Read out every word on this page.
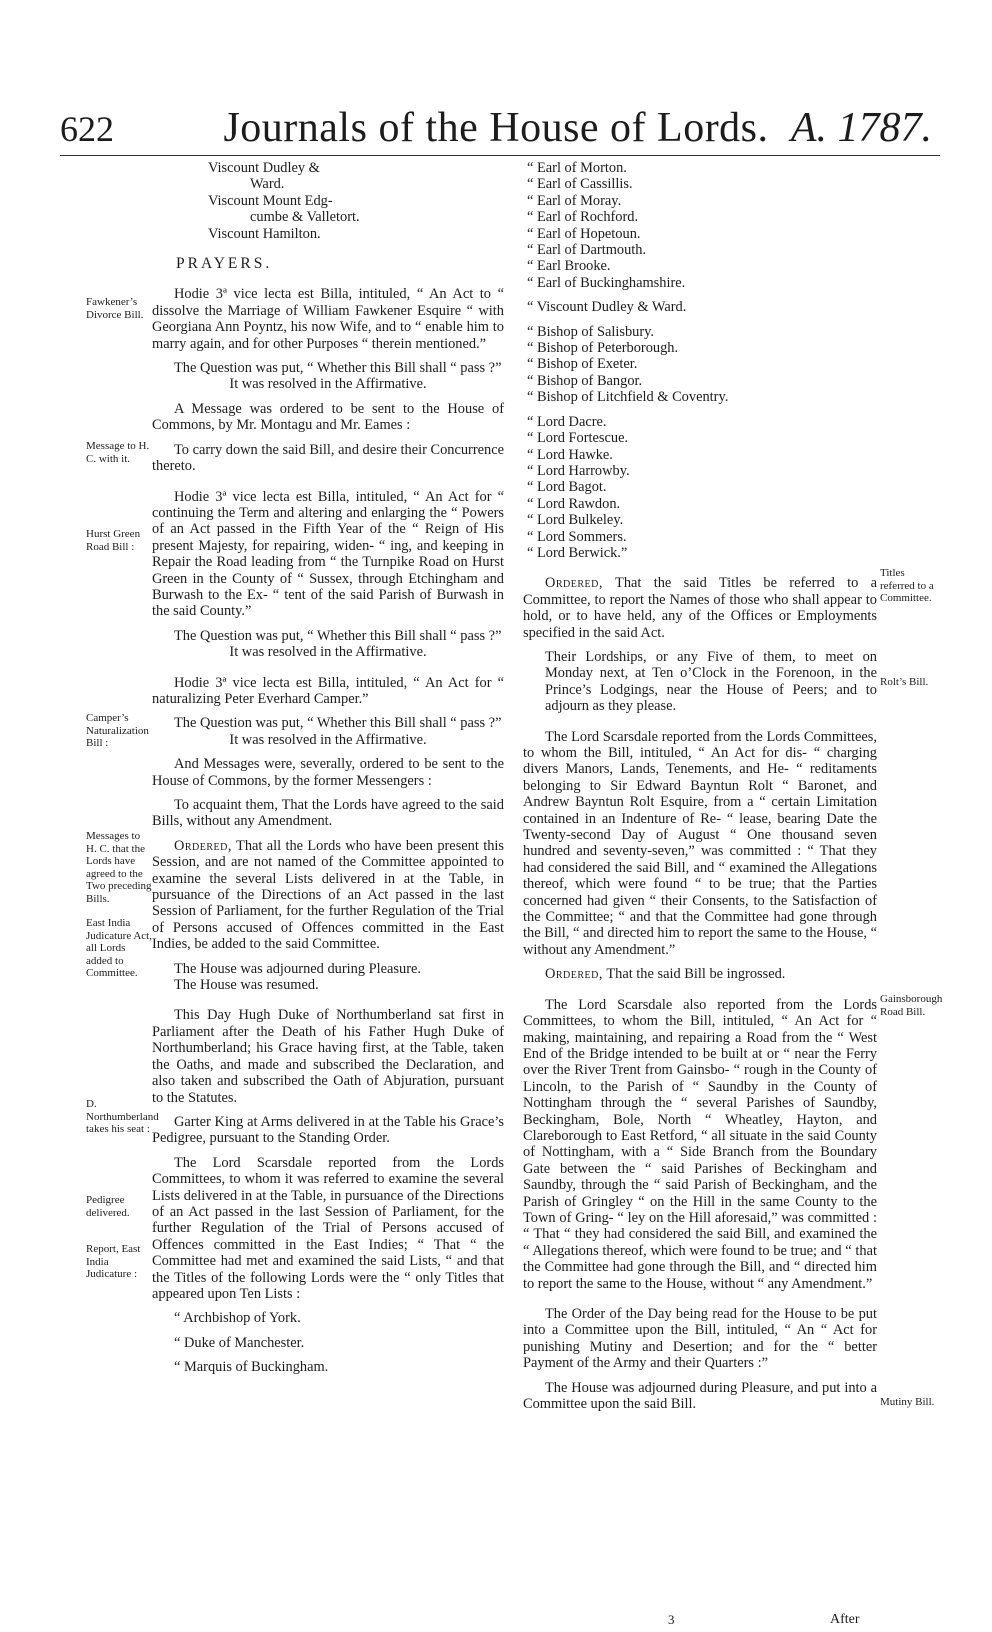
622	Journals of the House of Lords. A. 1787.

Viscount Dudley &

Ward.

Viscount Mount Edg-

cumbe & Valletort.

Viscount Hamilton.

PRAYERS.

Hodie 3ª vice lecta est Billa, intituled, “ An Act to “ dissolve the Marriage of William Fawkener Esquire “ with Georgiana Ann Poyntz, his now Wife, and to “ enable him to marry again, and for other Purposes “ therein mentioned.”

The Question was put, “ Whether this Bill shall “ pass ?”

It was resolved in the Affirmative.

A Message was ordered to be sent to the House of Commons, by Mr. Montagu and Mr. Eames :

To carry down the said Bill, and desire their Concurrence thereto.

Hodie 3ª vice lecta est Billa, intituled, “ An Act for “ continuing the Term and altering and enlarging the “ Powers of an Act passed in the Fifth Year of the “ Reign of His present Majesty, for repairing, widen- “ ing, and keeping in Repair the Road leading from “ the Turnpike Road on Hurst Green in the County of “ Sussex, through Etchingham and Burwash to the Ex- “ tent of the said Parish of Burwash in the said County.”

The Question was put, “ Whether this Bill shall “ pass ?”

It was resolved in the Affirmative.

Hodie 3ª vice lecta est Billa, intituled, “ An Act for “ naturalizing Peter Everhard Camper.”

The Question was put, “ Whether this Bill shall “ pass ?”

It was resolved in the Affirmative.

And Messages were, severally, ordered to be sent to the House of Commons, by the former Messengers :

To acquaint them, That the Lords have agreed to the said Bills, without any Amendment.

Ordered, That all the Lords who have been present this Session, and are not named of the Committee appointed to examine the several Lists delivered in at the Table, in pursuance of the Directions of an Act passed in the last Session of Parliament, for the further Regulation of the Trial of Persons accused of Offences committed in the East Indies, be added to the said Committee.

The House was adjourned during Pleasure.

The House was resumed.

This Day Hugh Duke of Northumberland sat first in Parliament after the Death of his Father Hugh Duke of Northumberland; his Grace having first, at the Table, taken the Oaths, and made and subscribed the Declaration, and also taken and subscribed the Oath of Abjuration, pursuant to the Statutes.

Garter King at Arms delivered in at the Table his Grace’s Pedigree, pursuant to the Standing Order.

The Lord Scarsdale reported from the Lords Committees, to whom it was referred to examine the several Lists delivered in at the Table, in pursuance of the Directions of an Act passed in the last Session of Parliament, for the further Regulation of the Trial of Persons accused of Offences committed in the East Indies; “ That “ the Committee had met and examined the said Lists, “ and that the Titles of the following Lords were the “ only Titles that appeared upon Ten Lists :

“ Archbishop of York.

“ Duke of Manchester.

“ Marquis of Buckingham.

“ Earl of Morton.

“ Earl of Cassillis.

“ Earl of Moray.

“ Earl of Rochford.

“ Earl of Hopetoun.

“ Earl of Dartmouth.

“ Earl Brooke.

“ Earl of Buckinghamshire.

“ Viscount Dudley & Ward.

“ Bishop of Salisbury.

“ Bishop of Peterborough.

“ Bishop of Exeter.

“ Bishop of Bangor.

“ Bishop of Litchfield & Coventry.

“ Lord Dacre.

“ Lord Fortescue.

“ Lord Hawke.

“ Lord Harrowby.

“ Lord Bagot.

“ Lord Rawdon.

“ Lord Bulkeley.

“ Lord Sommers.

“ Lord Berwick.”

Ordered, That the said Titles be referred to a Committee, to report the Names of those who shall appear to hold, or to have held, any of the Offices or Employments specified in the said Act.

Their Lordships, or any Five of them, to meet on Monday next, at Ten o’Clock in the Forenoon, in the Prince’s Lodgings, near the House of Peers; and to adjourn as they please.

The Lord Scarsdale reported from the Lords Committees, to whom the Bill, intituled, “ An Act for dis- “ charging divers Manors, Lands, Tenements, and He- “ reditaments belonging to Sir Edward Bayntun Rolt “ Baronet, and Andrew Bayntun Rolt Esquire, from a “ certain Limitation contained in an Indenture of Re- “ lease, bearing Date the Twenty-second Day of August “ One thousand seven hundred and seventy-seven,” was committed : “ That they had considered the said Bill, and “ examined the Allegations thereof, which were found “ to be true; that the Parties concerned had given “ their Consents, to the Satisfaction of the Committee; “ and that the Committee had gone through the Bill, “ and directed him to report the same to the House, “ without any Amendment.”

Ordered, That the said Bill be ingrossed.

The Lord Scarsdale also reported from the Lords Committees, to whom the Bill, intituled, “ An Act for “ making, maintaining, and repairing a Road from the “ West End of the Bridge intended to be built at or “ near the Ferry over the River Trent from Gainsbo- “ rough in the County of Lincoln, to the Parish of “ Saundby in the County of Nottingham through the “ several Parishes of Saundby, Beckingham, Bole, North “ Wheatley, Hayton, and Clareborough to East Retford, “ all situate in the said County of Nottingham, with a “ Side Branch from the Boundary Gate between the “ said Parishes of Beckingham and Saundby, through the “ said Parish of Beckingham, and the Parish of Gringley “ on the Hill in the same County to the Town of Gring- “ ley on the Hill aforesaid,” was committed : “ That “ they had considered the said Bill, and examined the “ Allegations thereof, which were found to be true; and “ that the Committee had gone through the Bill, and “ directed him to report the same to the House, without “ any Amendment.”

The Order of the Day being read for the House to be put into a Committee upon the Bill, intituled, “ An “ Act for punishing Mutiny and Desertion; and for the “ better Payment of the Army and their Quarters :”

The House was adjourned during Pleasure, and put into a Committee upon the said Bill.

Fawkener’s Divorce Bill.
Message to H. C. with it.
Hurst Green Road Bill :
Camper’s Naturalization Bill :
Messages to H. C. that the Lords have agreed to the Two preceding Bills.
East India Judicature Act, all Lords added to Committee.
D. Northumberland takes his seat :
Pedigree delivered.
Report, East India Judicature :
Titles referred to a Committee.
Rolt’s Bill.
Gainsborough Road Bill.
Mutiny Bill.
3	After
